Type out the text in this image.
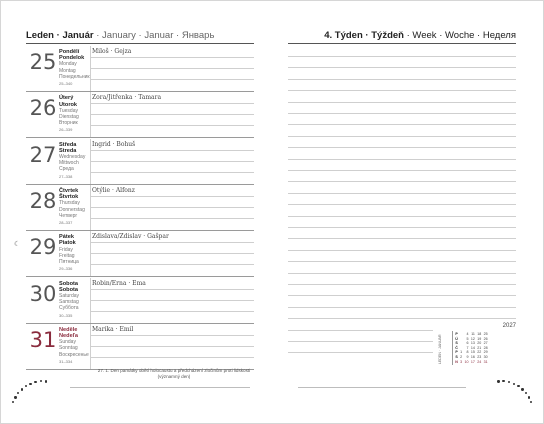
Leden · Január · January · Januar · Январь	4. Týden · Týždeň · Week · Woche · Неделя
25 Pondělí
Pondelok
Monday
Montag
Понедельник
25–340
Miloš · Gejza
26 Úterý
Utorok
Tuesday
Dienstag
Вторник
26–339
Zora/Jitřenka · Tamara
27 Středa
Streda
Wednesday
Mittwoch
Среда
27–338
Ingrid · Bohuš
28 Čtvrtek
Štvrtok
Thursday
Donnerstag
Четверг
28–337
Otýlie · Alfonz
29 Pátek
Piatok
Friday
Freitag
Пятница
29–336
Zdislava/Zdislav · Gašpar
30 Sobota
Sobota
Saturday
Samstag
Суббота
30–335
Robin/Erna · Ema
31 Neděle
Nedeľa
Sunday
Sonntag
Воскресенье
31–334
Marika · Emil
☾
27. 1. Den památky obětí holocaustu a předcházení zločinům proti lidskosti (významný den)
2027
LEDEN · JANUÁR
P		4	11	18	25
Ú		5	12	19	26
S		6	13	20	27
Č		7	14	21	28
P	1	8	15	22	29
S	2	9	16	23	30
N	3	10	17	24	31
